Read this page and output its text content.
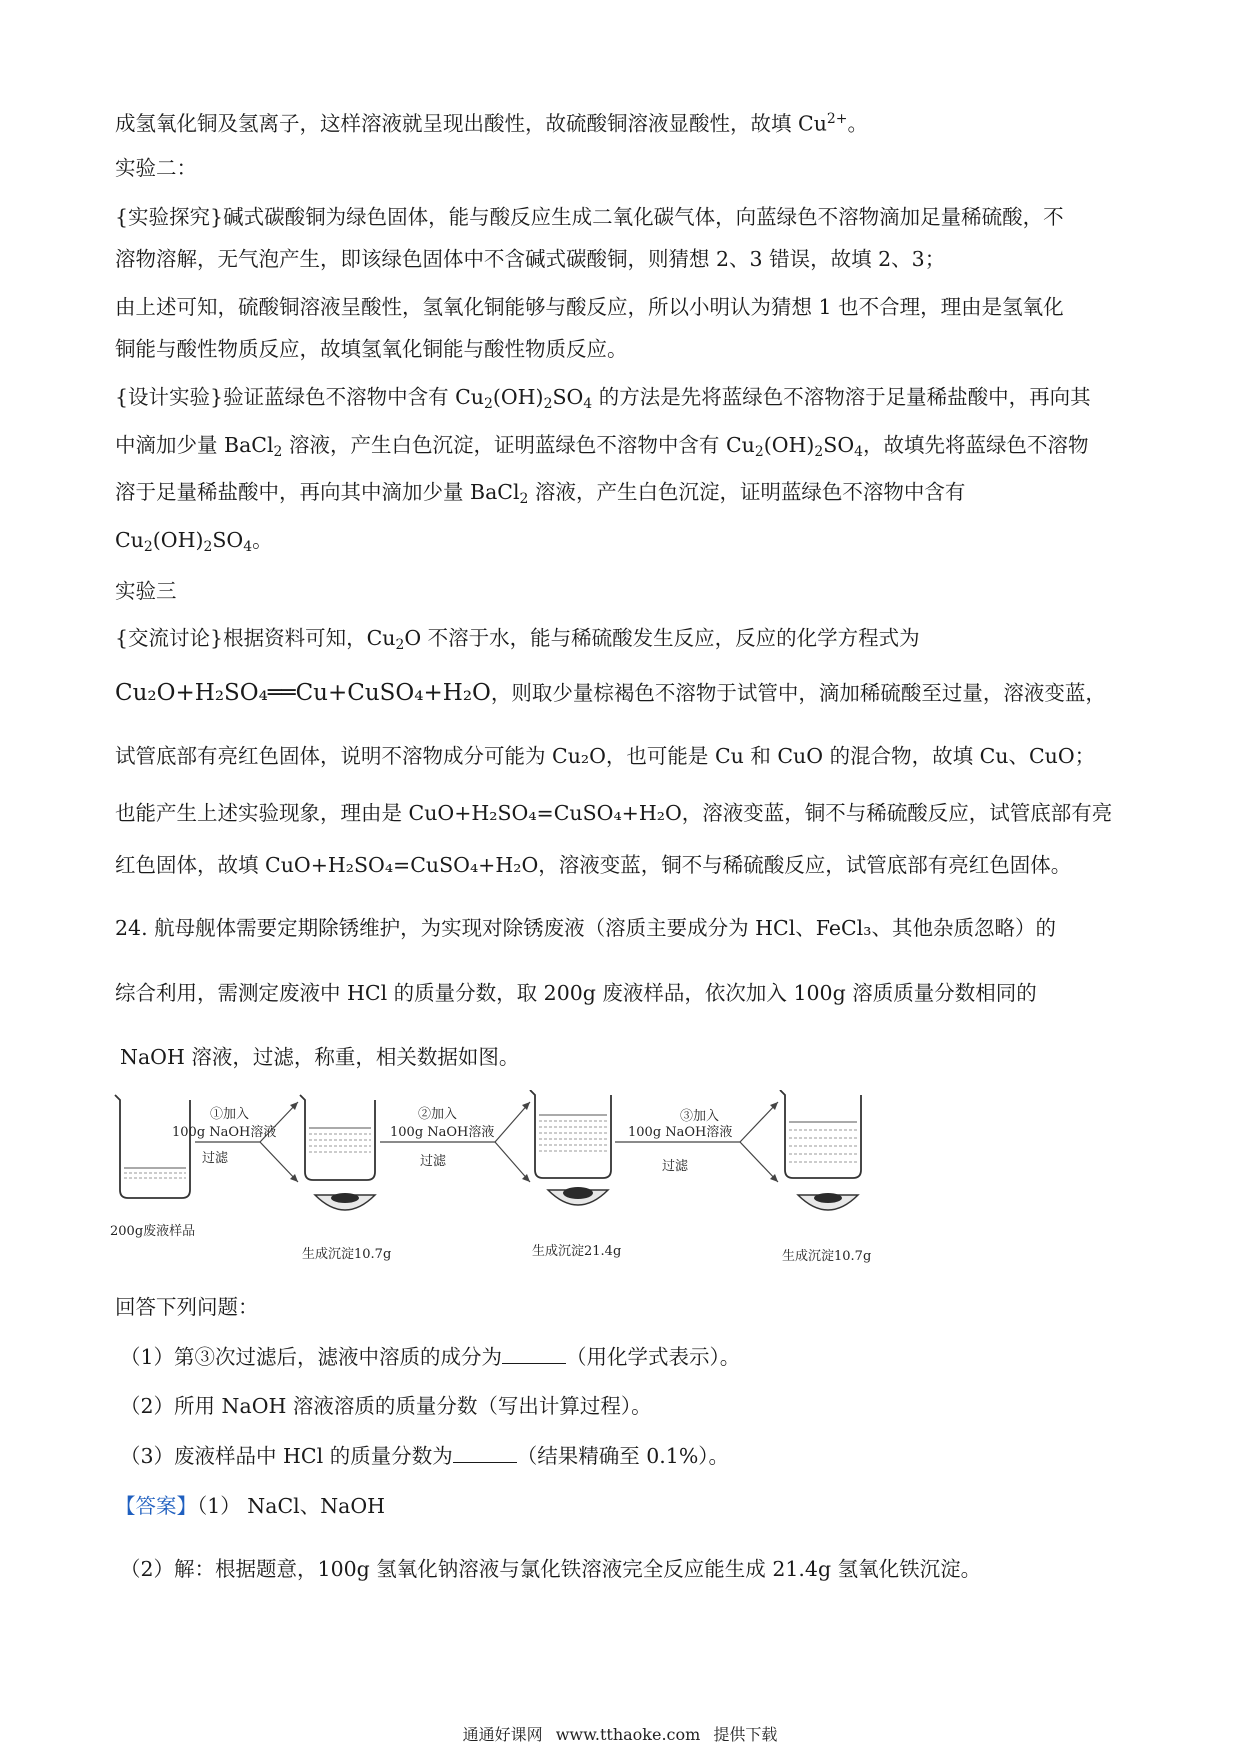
成氢氧化铜及氢离子，这样溶液就呈现出酸性，故硫酸铜溶液显酸性，故填 $Cu^{2+}$。
实验二：
{实验探究}碱式碳酸铜为绿色固体，能与酸反应生成二氧化碳气体，向蓝绿色不溶物滴加足量稀硫酸，不
溶物溶解，无气泡产生，即该绿色固体中不含碱式碳酸铜，则猜想 2、3 错误，故填 2、3；
由上述可知，硫酸铜溶液呈酸性，氢氧化铜能够与酸反应，所以小明认为猜想 1 也不合理，理由是氢氧化
铜能与酸性物质反应，故填氢氧化铜能与酸性物质反应。
{设计实验}验证蓝绿色不溶物中含有 $Cu_2(OH)_2SO_4$ 的方法是先将蓝绿色不溶物溶于足量稀盐酸中，再向其
中滴加少量 BaCl$_2$ 溶液，产生白色沉淀，证明蓝绿色不溶物中含有 $Cu_2(OH)_2SO_4$，故填先将蓝绿色不溶物
溶于足量稀盐酸中，再向其中滴加少量 BaCl$_2$ 溶液，产生白色沉淀，证明蓝绿色不溶物中含有
$Cu_2(OH)_2SO_4$。
实验三
{交流讨论}根据资料可知，$Cu_2O$ 不溶于水，能与稀硫酸发生反应，反应的化学方程式为
Cu₂O+H₂SO₄══Cu+CuSO₄+H₂O，则取少量棕褐色不溶物于试管中，滴加稀硫酸至过量，溶液变蓝，
试管底部有亮红色固体，说明不溶物成分可能为 Cu₂O，也可能是 Cu 和 CuO 的混合物，故填 Cu、CuO；
也能产生上述实验现象，理由是 CuO+H₂SO₄=CuSO₄+H₂O，溶液变蓝，铜不与稀硫酸反应，试管底部有亮
红色固体，故填 CuO+H₂SO₄=CuSO₄+H₂O，溶液变蓝，铜不与稀硫酸反应，试管底部有亮红色固体。
24. 航母舰体需要定期除锈维护，为实现对除锈废液（溶质主要成分为 HCl、FeCl₃、其他杂质忽略）的
综合利用，需测定废液中 HCl 的质量分数，取 200g 废液样品，依次加入 100g 溶质质量分数相同的
NaOH 溶液，过滤，称重，相关数据如图。
200g废液样品
①加入
100g NaOH溶液
过滤
生成沉淀10.7g
②加入
100g NaOH溶液
过滤
生成沉淀21.4g
③加入
100g NaOH溶液
过滤
生成沉淀10.7g
回答下列问题：
（1）第③次过滤后，滤液中溶质的成分为	（用化学式表示）。
（2）所用 NaOH 溶液溶质的质量分数（写出计算过程）。
（3）废液样品中 HCl 的质量分数为	（结果精确至 0.1%）。
【答案】（1） NaCl、NaOH
（2）解：根据题意，100g 氢氧化钠溶液与氯化铁溶液完全反应能生成 21.4g 氢氧化铁沉淀。
通通好课网 www.tthaoke.com 提供下载
